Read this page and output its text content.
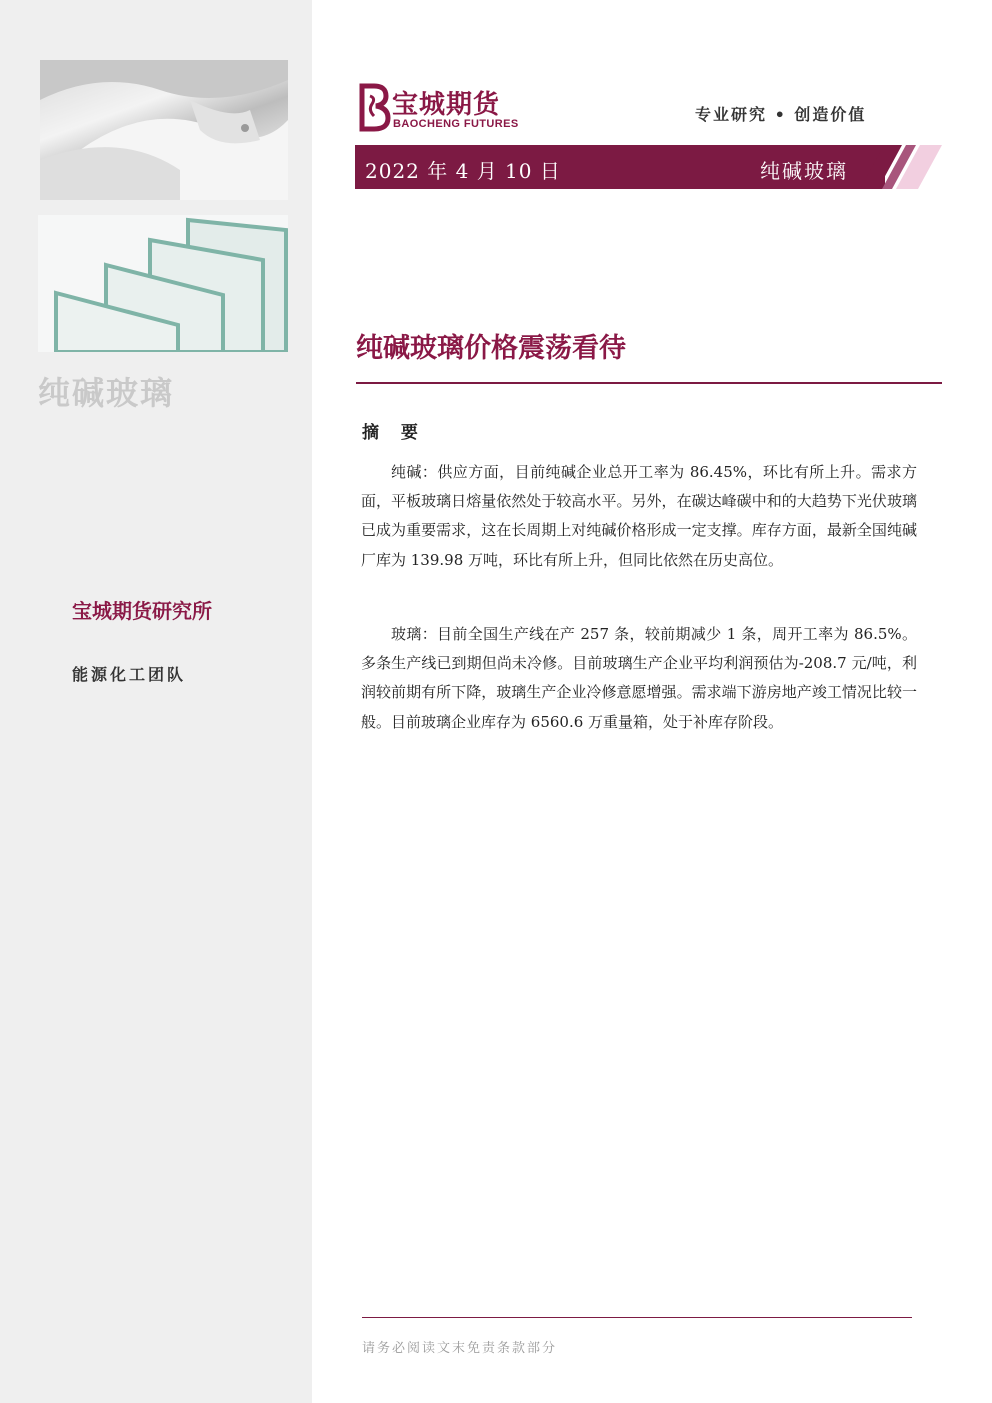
纯碱玻璃
宝城期货研究所
能源化工团队
宝城期货
BAOCHENG FUTURES	专业研究 • 创造价值
2022 年 4 月 10 日	纯碱玻璃
纯碱玻璃价格震荡看待
摘 要

纯碱：供应方面，目前纯碱企业总开工率为 86.45%，环比有所上升。需求方面，平板玻璃日熔量依然处于较高水平。另外，在碳达峰碳中和的大趋势下光伏玻璃已成为重要需求，这在长周期上对纯碱价格形成一定支撑。库存方面，最新全国纯碱厂库为 139.98 万吨，环比有所上升，但同比依然在历史高位。

玻璃：目前全国生产线在产 257 条，较前期减少 1 条，周开工率为 86.5%。多条生产线已到期但尚未冷修。目前玻璃生产企业平均利润预估为-208.7 元/吨，利润较前期有所下降，玻璃生产企业冷修意愿增强。需求端下游房地产竣工情况比较一般。目前玻璃企业库存为 6560.6 万重量箱，处于补库存阶段。

请务必阅读文末免责条款部分
